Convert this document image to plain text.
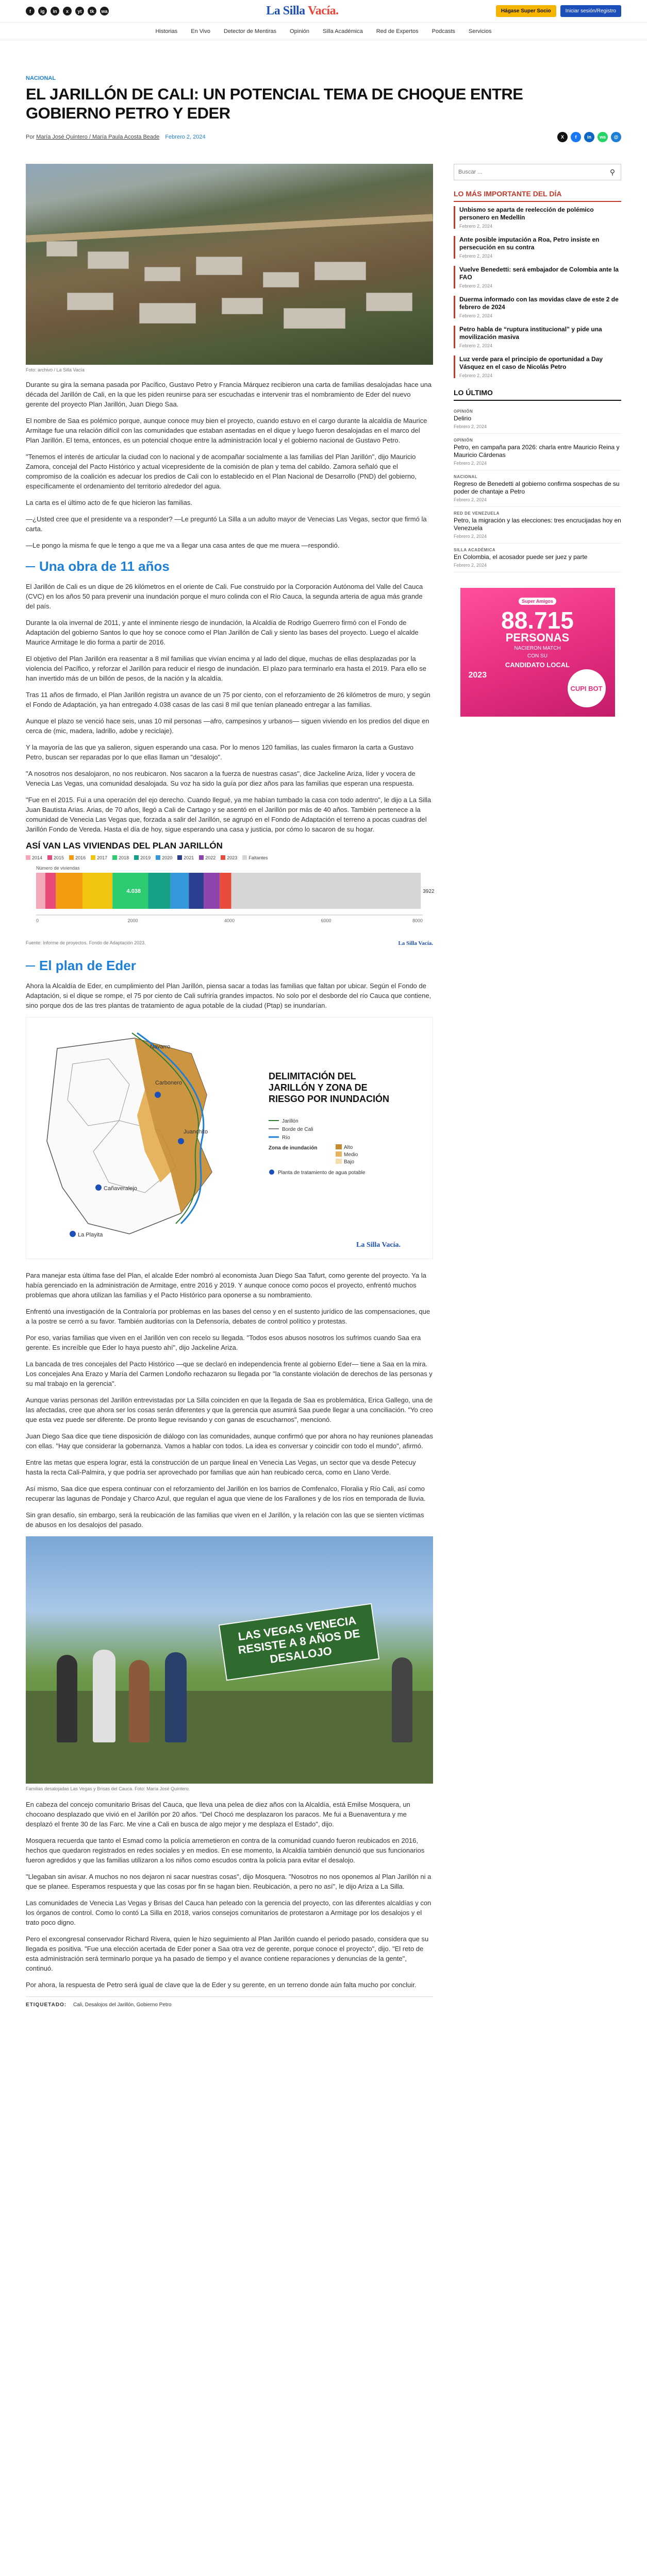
f	ig	in	x	yt	tk	wa	La Silla Vacía.	Hágase Super Socio	Iniciar sesión/Registro
Historias En Vivo Detector de Mentiras Opinión Silla Académica Red de Expertos Podcasts Servicios
NACIONAL
EL JARILLÓN DE CALI: UN POTENCIAL TEMA DE CHOQUE ENTRE GOBIERNO PETRO Y EDER
Por María José Quintero / María Paula Acosta Beade Febrero 2, 2024	X	f	in	wa	@
Foto: archivo / La Silla Vacía

Durante su gira la semana pasada por Pacífico, Gustavo Petro y Francia Márquez recibieron una carta de familias desalojadas hace una década del Jarillón de Cali, en la que les piden reunirse para ser escuchadas e intervenir tras el nombramiento de Eder del nuevo gerente del proyecto Plan Jarillón, Juan Diego Saa.

El nombre de Saa es polémico porque, aunque conoce muy bien el proyecto, cuando estuvo en el cargo durante la alcaldía de Maurice Armitage fue una relación difícil con las comunidades que estaban asentadas en el dique y luego fueron desalojadas en el marco del Plan Jarillón. El tema, entonces, es un potencial choque entre la administración local y el gobierno nacional de Gustavo Petro.

"Tenemos el interés de articular la ciudad con lo nacional y de acompañar socialmente a las familias del Plan Jarillón", dijo Mauricio Zamora, concejal del Pacto Histórico y actual vicepresidente de la comisión de plan y tema del cabildo. Zamora señaló que el compromiso de la coalición es adecuar los predios de Cali con lo establecido en el Plan Nacional de Desarrollo (PND) del gobierno, específicamente el ordenamiento del territorio alrededor del agua.

La carta es el último acto de fe que hicieron las familias.

—¿Usted cree que el presidente va a responder? —Le preguntó La Silla a un adulto mayor de Venecias Las Vegas, sector que firmó la carta.

—Le pongo la misma fe que le tengo a que me va a llegar una casa antes de que me muera —respondió.

Una obra de 11 años

El Jarillón de Cali es un dique de 26 kilómetros en el oriente de Cali. Fue construido por la Corporación Autónoma del Valle del Cauca (CVC) en los años 50 para prevenir una inundación porque el muro colinda con el Río Cauca, la segunda arteria de agua más grande del país.

Durante la ola invernal de 2011, y ante el inminente riesgo de inundación, la Alcaldía de Rodrigo Guerrero firmó con el Fondo de Adaptación del gobierno Santos lo que hoy se conoce como el Plan Jarillón de Cali y siento las bases del proyecto. Luego el alcalde Maurice Armitage le dio forma a partir de 2016.

El objetivo del Plan Jarillón era reasentar a 8 mil familias que vivían encima y al lado del dique, muchas de ellas desplazadas por la violencia del Pacífico, y reforzar el Jarillón para reducir el riesgo de inundación. El plazo para terminarlo era hasta el 2019. Para ello se han invertido más de un billón de pesos, de la nación y la alcaldía.

Tras 11 años de firmado, el Plan Jarillón registra un avance de un 75 por ciento, con el reforzamiento de 26 kilómetros de muro, y según el Fondo de Adaptación, ya han entregado 4.038 casas de las casi 8 mil que tenían planeado entregar a las familias.

Aunque el plazo se venció hace seis, unas 10 mil personas —afro, campesinos y urbanos— siguen viviendo en los predios del dique en cerca de (mic, madera, ladrillo, adobe y reciclaje).

Y la mayoría de las que ya salieron, siguen esperando una casa. Por lo menos 120 familias, las cuales firmaron la carta a Gustavo Petro, buscan ser reparadas por lo que ellas llaman un "desalojo".

"A nosotros nos desalojaron, no nos reubicaron. Nos sacaron a la fuerza de nuestras casas", dice Jackeline Ariza, líder y vocera de Venecia Las Vegas, una comunidad desalojada. Su voz ha sido la guía por diez años para las familias que esperan una respuesta.

"Fue en el 2015. Fui a una operación del ejo derecho. Cuando llegué, ya me habían tumbado la casa con todo adentro", le dijo a La Silla Juan Bautista Arias. Arias, de 70 años, llegó a Cali de Cartago y se asentó en el Jarillón por más de 40 años. También pertenece a la comunidad de Venecia Las Vegas que, forzada a salir del Jarillón, se agrupó en el Fondo de Adaptación el terreno a pocas cuadras del Jarillón Fondo de Vereda. Hasta el día de hoy, sigue esperando una casa y justicia, por cómo lo sacaron de su hogar.

ASÍ VAN LAS VIVIENDAS DEL PLAN JARILLÓN
2014	2015	2016	2017	2018	2019	2020	2021	2022	2023	Faltantes
Número de viviendas
4.038	3922
0	2000	4000	6000	8000
Fuente: Informe de proyectos. Fondo de Adaptación 2023.	La Silla Vacía.
El plan de Eder

Ahora la Alcaldía de Eder, en cumplimiento del Plan Jarillón, piensa sacar a todas las familias que faltan por ubicar. Según el Fondo de Adaptación, si el dique se rompe, el 75 por ciento de Cali sufriría grandes impactos. No solo por el desborde del río Cauca que contiene, sino porque dos de las tres plantas de tratamiento de agua potable de la ciudad (Ptap) se inundarían.

Navarro
Carbonero
Juanchito
Cañaveralejo
La Playita
DELIMITACIÓN DEL
JARILLÓN Y ZONA DE
RIESGO POR INUNDACIÓN
Jarillón
Borde de Cali
Río
Zona de inundación	Alto
Medio
Bajo
Planta de tratamiento de agua potable
La Silla Vacía.

Para manejar esta última fase del Plan, el alcalde Eder nombró al economista Juan Diego Saa Tafurt, como gerente del proyecto. Ya la había gerenciado en la administración de Armitage, entre 2016 y 2019. Y aunque conoce como pocos el proyecto, enfrentó muchos problemas que ahora utilizan las familias y el Pacto Histórico para oponerse a su nombramiento.

Enfrentó una investigación de la Contraloría por problemas en las bases del censo y en el sustento jurídico de las compensaciones, que a la postre se cerró a su favor. También auditorías con la Defensoría, debates de control político y protestas.

Por eso, varias familias que viven en el Jarillón ven con recelo su llegada. "Todos esos abusos nosotros los sufrimos cuando Saa era gerente. Es increíble que Eder lo haya puesto ahí", dijo Jackeline Ariza.

La bancada de tres concejales del Pacto Histórico —que se declaró en independencia frente al gobierno Eder— tiene a Saa en la mira. Los concejales Ana Erazo y María del Carmen Londoño rechazaron su llegada por "la constante violación de derechos de las personas y su mal trabajo en la gerencia".

Aunque varias personas del Jarillón entrevistadas por La Silla coinciden en que la llegada de Saa es problemática, Erica Gallego, una de las afectadas, cree que ahora ser los cosas serán diferentes y que la gerencia que asumirá Saa puede llegar a una conciliación. "Yo creo que esta vez puede ser diferente. De pronto llegue revisando y con ganas de escucharnos", mencionó.

Juan Diego Saa dice que tiene disposición de diálogo con las comunidades, aunque confirmó que por ahora no hay reuniones planeadas con ellas. "Hay que considerar la gobernanza. Vamos a hablar con todos. La idea es conversar y coincidir con todo el mundo", afirmó.

Entre las metas que espera lograr, está la construcción de un parque lineal en Venecia Las Vegas, un sector que va desde Petecuy hasta la recta Cali-Palmira, y que podría ser aprovechado por familias que aún han reubicado cerca, como en Llano Verde.

Así mismo, Saa dice que espera continuar con el reforzamiento del Jarillón en los barrios de Comfenalco, Floralia y Río Cali, así como recuperar las lagunas de Pondaje y Charco Azul, que regulan el agua que viene de los Farallones y de los ríos en temporada de lluvia.

Sin gran desafío, sin embargo, será la reubicación de las familias que viven en el Jarillón, y la relación con las que se sienten víctimas de abusos en los desalojos del pasado.

LAS VEGAS VENECIA RESISTE A 8 AÑOS DE DESALOJO
Familias desalojadas Las Vegas y Brisas del Cauca. Foto: María José Quintero.

En cabeza del concejo comunitario Brisas del Cauca, que lleva una pelea de diez años con la Alcaldía, está Emilse Mosquera, un chocoano desplazado que vivió en el Jarillón por 20 años. "Del Chocó me desplazaron los paracos. Me fui a Buenaventura y me desplazó el frente 30 de las Farc. Me vine a Cali en busca de algo mejor y me desplaza el Estado", dijo.

Mosquera recuerda que tanto el Esmad como la policía arremetieron en contra de la comunidad cuando fueron reubicados en 2016, hechos que quedaron registrados en redes sociales y en medios. En ese momento, la Alcaldía también denunció que sus funcionarios fueron agredidos y que las familias utilizaron a los niños como escudos contra la policía para evitar el desalojo.

"Llegaban sin avisar. A muchos no nos dejaron ni sacar nuestras cosas", dijo Mosquera. "Nosotros no nos oponemos al Plan Jarillón ni a que se planee. Esperamos respuesta y que las cosas por fin se hagan bien. Reubicación, a pero no así", le dijo Ariza a La Silla.

Las comunidades de Venecia Las Vegas y Brisas del Cauca han peleado con la gerencia del proyecto, con las diferentes alcaldías y con los órganos de control. Como lo contó La Silla en 2018, varios consejos comunitarios de protestaron a Armitage por los desalojos y el trato poco digno.

Pero el excongresal conservador Richard Rivera, quien le hizo seguimiento al Plan Jarillón cuando el periodo pasado, considera que su llegada es positiva. "Fue una elección acertada de Eder poner a Saa otra vez de gerente, porque conoce el proyecto", dijo. "El reto de esta administración será terminarlo porque ya ha pasado de tiempo y el avance contiene reparaciones y denuncias de la gente", continuó.

Por ahora, la respuesta de Petro será igual de clave que la de Eder y su gerente, en un terreno donde aún falta mucho por concluir.

ETIQUETADO: Cali, Desalojos del Jarillón, Gobierno Petro
Buscar ...
⚲
LO MÁS IMPORTANTE DEL DÍA
Unbismo se aparta de reelección de polémico personero en Medellín
Febrero 2, 2024
Ante posible imputación a Roa, Petro insiste en persecución en su contra
Febrero 2, 2024
Vuelve Benedetti: será embajador de Colombia ante la FAO
Febrero 2, 2024
Duerma informado con las movidas clave de este 2 de febrero de 2024
Febrero 2, 2024
Petro habla de “ruptura institucional” y pide una movilización masiva
Febrero 2, 2024
Luz verde para el principio de oportunidad a Day Vásquez en el caso de Nicolás Petro
Febrero 2, 2024
LO ÚLTIMO
OPINIÓN
Delirio
Febrero 2, 2024
OPINIÓN
Petro, en campaña para 2026: charla entre Mauricio Reina y Mauricio Cárdenas
Febrero 2, 2024
NACIONAL
Regreso de Benedetti al gobierno confirma sospechas de su poder de chantaje a Petro
Febrero 2, 2024
RED DE VENEZUELA
Petro, la migración y las elecciones: tres encrucijadas hoy en Venezuela
Febrero 2, 2024
SILLA ACADÉMICA
En Colombia, el acosador puede ser juez y parte
Febrero 2, 2024
Super Amigos
88.715
PERSONAS
NACIERON MATCH
CON SU
CANDIDATO LOCAL
2023
CUPI BOT
